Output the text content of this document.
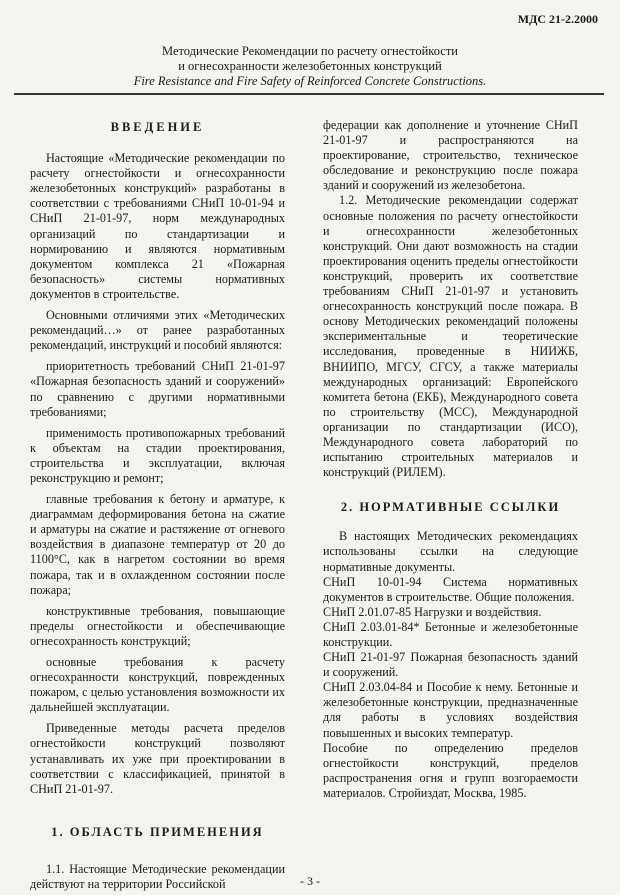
МДС 21-2.2000
Методические Рекомендации по расчету огнестойкости
и огнесохранности железобетонных конструкций
Fire Resistance and Fire Safety of Reinforced Concrete Constructions.
ВВЕДЕНИЕ

Настоящие «Методические рекомендации по расчету огнестойкости и огнесохранности железобетонных конструкций» разработаны в соответствии с требованиями СНиП 10-01-94 и СНиП 21-01-97, норм международных организаций по стандартизации и нормированию и являются нормативным документом комплекса 21 «Пожарная безопасность» системы нормативных документов в строительстве.

Основными отличиями этих «Методических рекомендаций…» от ранее разработанных рекомендаций, инструкций и пособий являются:

приоритетность требований СНиП 21-01-97 «Пожарная безопасность зданий и сооружений» по сравнению с другими нормативными требованиями;

применимость противопожарных требований к объектам на стадии проектирования, строительства и эксплуатации, включая реконструкцию и ремонт;

главные требования к бетону и арматуре, к диаграммам деформирования бетона на сжатие и арматуры на сжатие и растяжение от огневого воздействия в диапазоне температур от 20 до 1100°С, как в нагретом состоянии во время пожара, так и в охлажденном состоянии после пожара;

конструктивные требования, повышающие пределы огнестойкости и обеспечивающие огнесохранность конструкций;

основные требования к расчету огнесохранности конструкций, поврежденных пожаром, с целью установления возможности их дальнейшей эксплуатации.

Приведенные методы расчета пределов огнестойкости конструкций позволяют устанавливать их уже при проектировании в соответствии с классификацией, принятой в СНиП 21-01-97.

1. ОБЛАСТЬ ПРИМЕНЕНИЯ

1.1. Настоящие Методические рекомендации действуют на территории Российской

федерации как дополнение и уточнение СНиП 21-01-97 и распространяются на проектирование, строительство, техническое обследование и реконструкцию после пожара зданий и сооружений из железобетона.

1.2. Методические рекомендации содержат основные положения по расчету огнестойкости и огнесохранности железобетонных конструкций. Они дают возможность на стадии проектирования оценить пределы огнестойкости конструкций, проверить их соответствие требованиям СНиП 21-01-97 и установить огнесохранность конструкций после пожара. В основу Методических рекомендаций положены экспериментальные и теоретические исследования, проведенные в НИИЖБ, ВНИИПО, МГСУ, СГСУ, а также материалы международных организаций: Европейского комитета бетона (ЕКБ), Международного совета по строительству (МСС), Международной организации по стандартизации (ИСО), Международного совета лабораторий по испытанию строительных материалов и конструкций (РИЛЕМ).

2. НОРМАТИВНЫЕ ССЫЛКИ

В настоящих Методических рекомендациях использованы ссылки на следующие нормативные документы.

СНиП 10-01-94 Система нормативных документов в строительстве. Общие положения.

СНиП 2.01.07-85 Нагрузки и воздействия.

СНиП 2.03.01-84* Бетонные и железобетонные конструкции.

СНиП 21-01-97 Пожарная безопасность зданий и сооружений.

СНиП 2.03.04-84 и Пособие к нему. Бетонные и железобетонные конструкции, предназначенные для работы в условиях воздействия повышенных и высоких температур.

Пособие по определению пределов огнестойкости конструкций, пределов распространения огня и групп возгораемости материалов. Стройиздат, Москва, 1985.

- 3 -
